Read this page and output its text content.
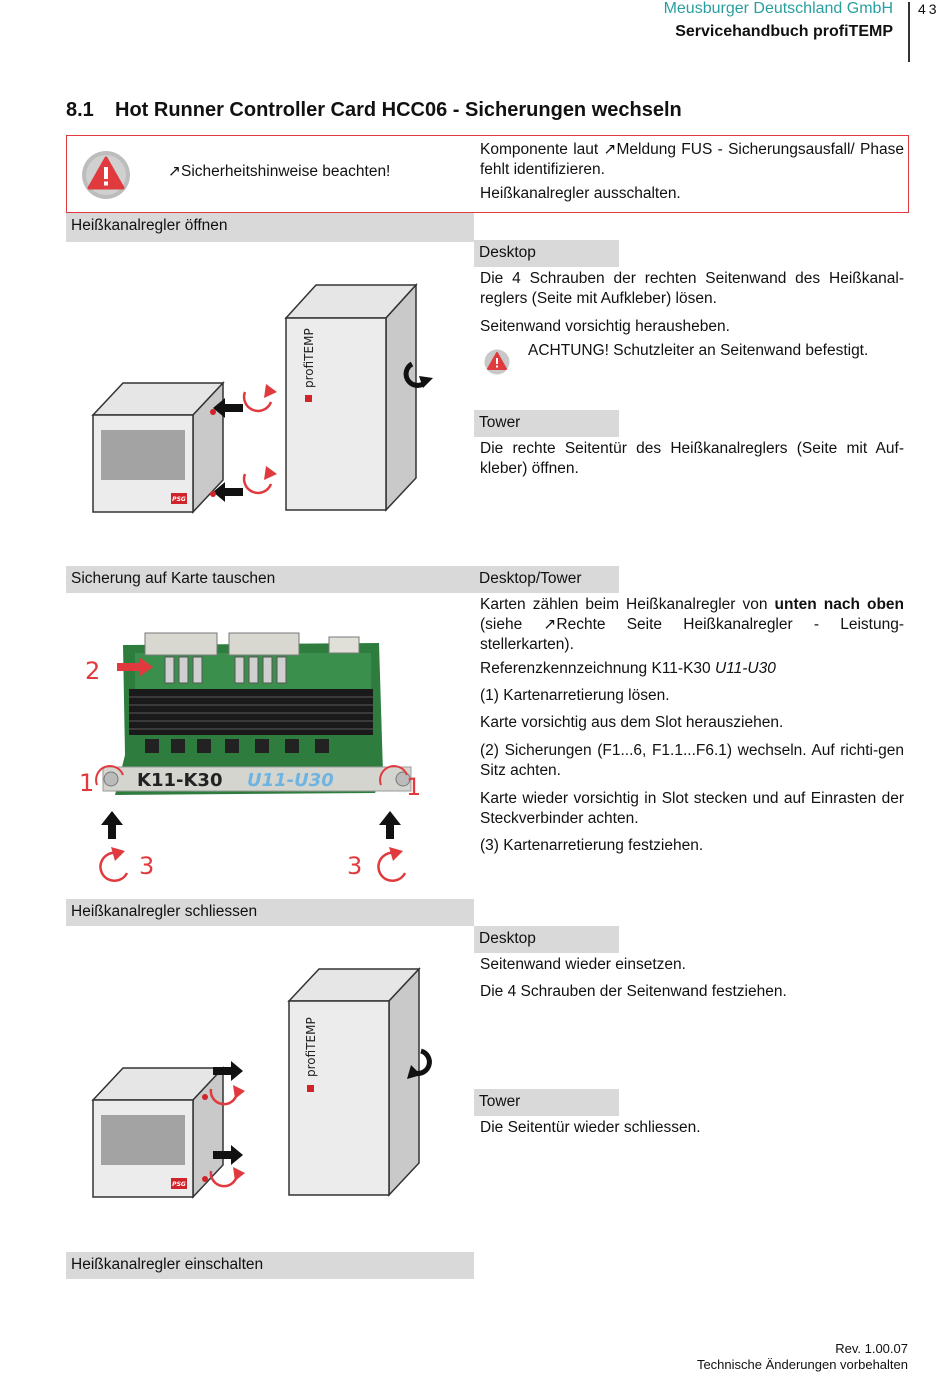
Meusburger Deutschland GmbH
Servicehandbuch profiTEMP
43
8.1 Hot Runner Controller Card HCC06 - Sicherungen wechseln
↗Sicherheitshinweise beachten!
Komponente laut ↗Meldung FUS - Sicherungsausfall/ Phase fehlt identifizieren.
Heißkanalregler ausschalten.
Heißkanalregler öffnen
Desktop
Die 4 Schrauben der rechten Seitenwand des Heißkanal-reglers (Seite mit Aufkleber) lösen.
Seitenwand vorsichtig herausheben.
ACHTUNG! Schutzleiter an Seitenwand befestigt.
Tower
Die rechte Seitentür des Heißkanalreglers (Seite mit Auf-kleber) öffnen.
PSG
profiTEMP
Sicherung auf Karte tauschen	Desktop/Tower
Karten zählen beim Heißkanalregler von unten nach oben (siehe ↗Rechte Seite Heißkanalregler - Leistung-stellerkarten).
Referenzkennzeichnung K11-K30 U11-U30
(1) Kartenarretierung lösen.
Karte vorsichtig aus dem Slot herausziehen.
(2) Sicherungen (F1...6, F1.1...F6.1) wechseln. Auf richti-gen Sitz achten.
Karte wieder vorsichtig in Slot stecken und auf Einrasten der Steckverbinder achten.
(3) Kartenarretierung festziehen.
K11-K30 U11-U30
2
1	1
3	3
Heißkanalregler schliessen
Desktop
Seitenwand wieder einsetzen.
Die 4 Schrauben der Seitenwand festziehen.
Tower
Die Seitentür wieder schliessen.
PSG
profiTEMP
Heißkanalregler einschalten
Rev. 1.00.07
Technische Änderungen vorbehalten
